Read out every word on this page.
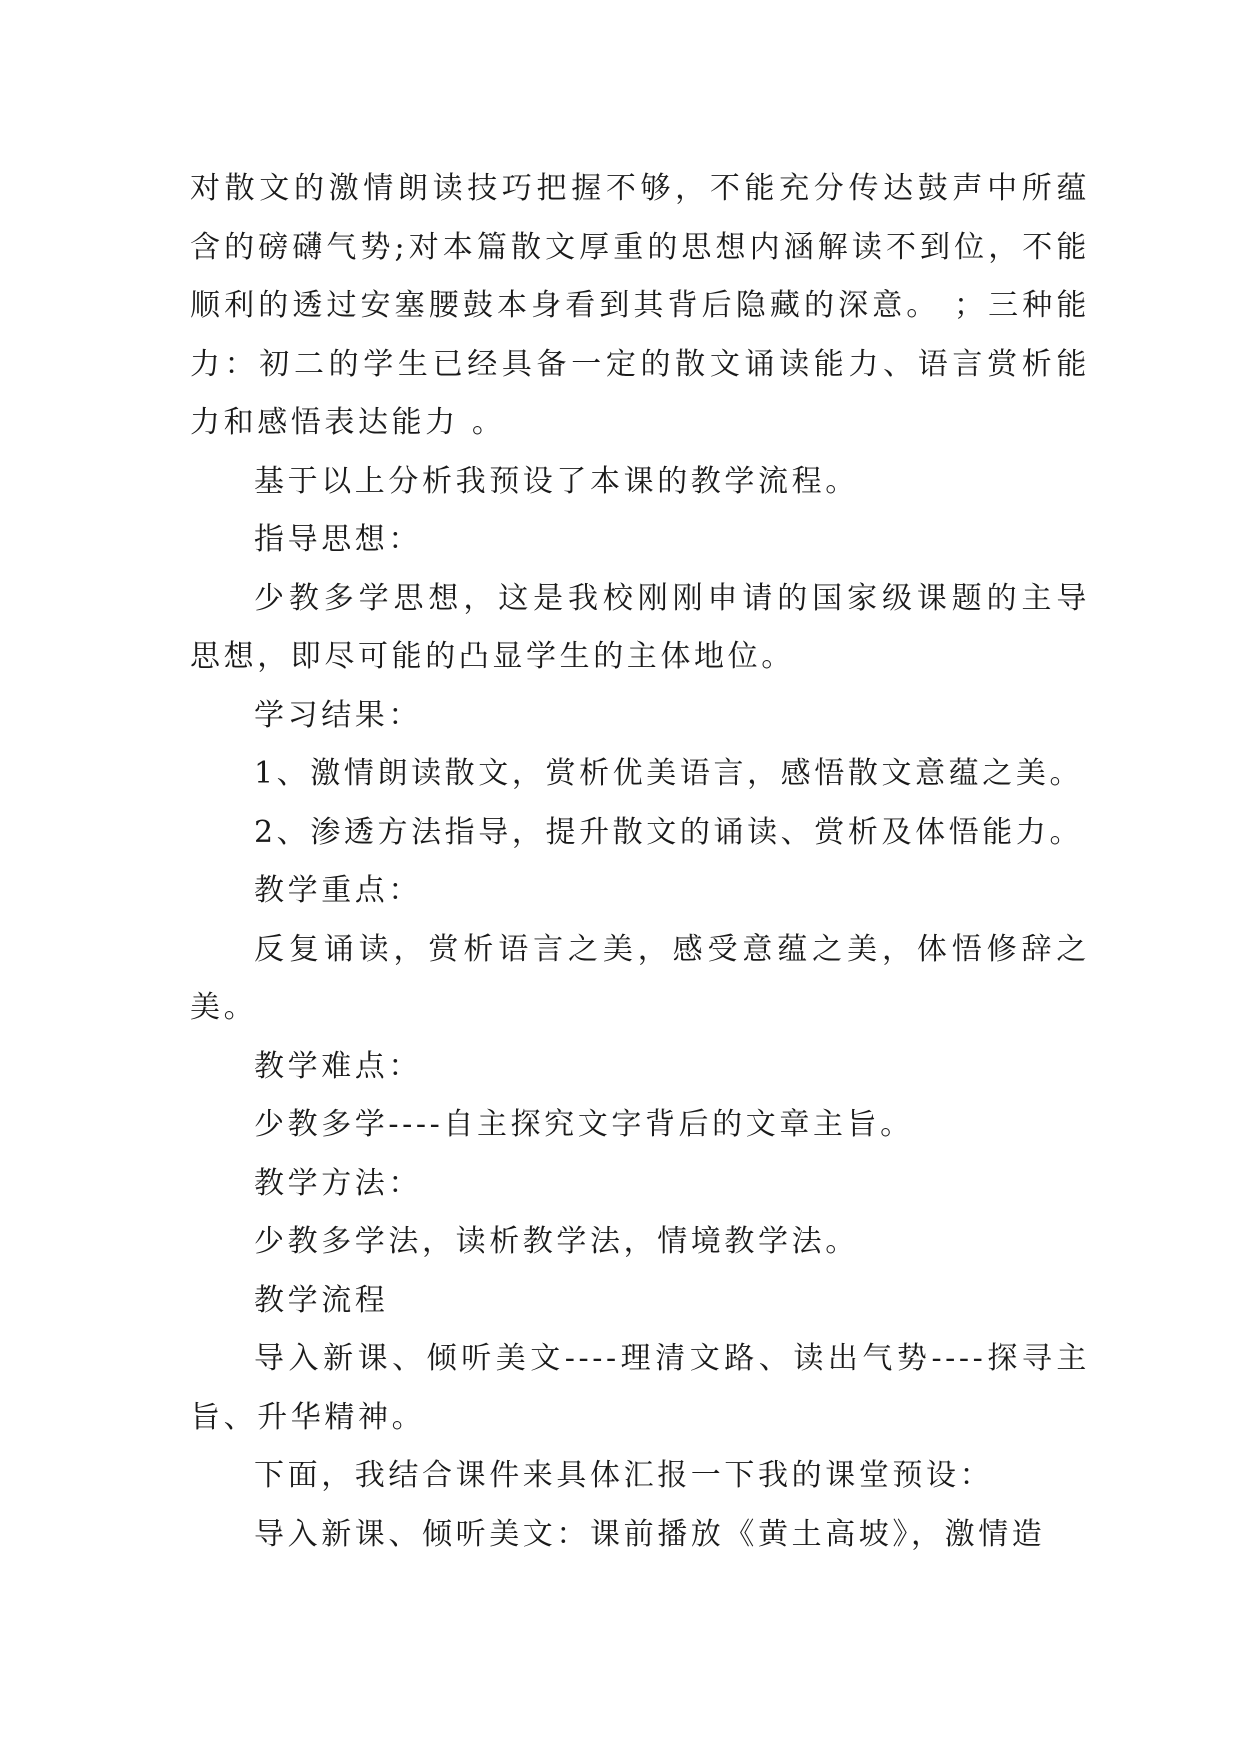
对散文的激情朗读技巧把握不够，不能充分传达鼓声中所蕴含的磅礴气势;对本篇散文厚重的思想内涵解读不到位，不能顺利的透过安塞腰鼓本身看到其背后隐藏的深意。 ；三种能力：初二的学生已经具备一定的散文诵读能力、语言赏析能力和感悟表达能力 。

基于以上分析我预设了本课的教学流程。

指导思想：

少教多学思想，这是我校刚刚申请的国家级课题的主导思想，即尽可能的凸显学生的主体地位。

学习结果：

1、激情朗读散文，赏析优美语言，感悟散文意蕴之美。

2、渗透方法指导，提升散文的诵读、赏析及体悟能力。

教学重点：

反复诵读，赏析语言之美，感受意蕴之美，体悟修辞之美。

教学难点：

少教多学----自主探究文字背后的文章主旨。

教学方法：

少教多学法，读析教学法，情境教学法。

教学流程

导入新课、倾听美文----理清文路、读出气势----探寻主旨、升华精神。

下面，我结合课件来具体汇报一下我的课堂预设：

导入新课、倾听美文：课前播放《黄土高坡》，激情造
